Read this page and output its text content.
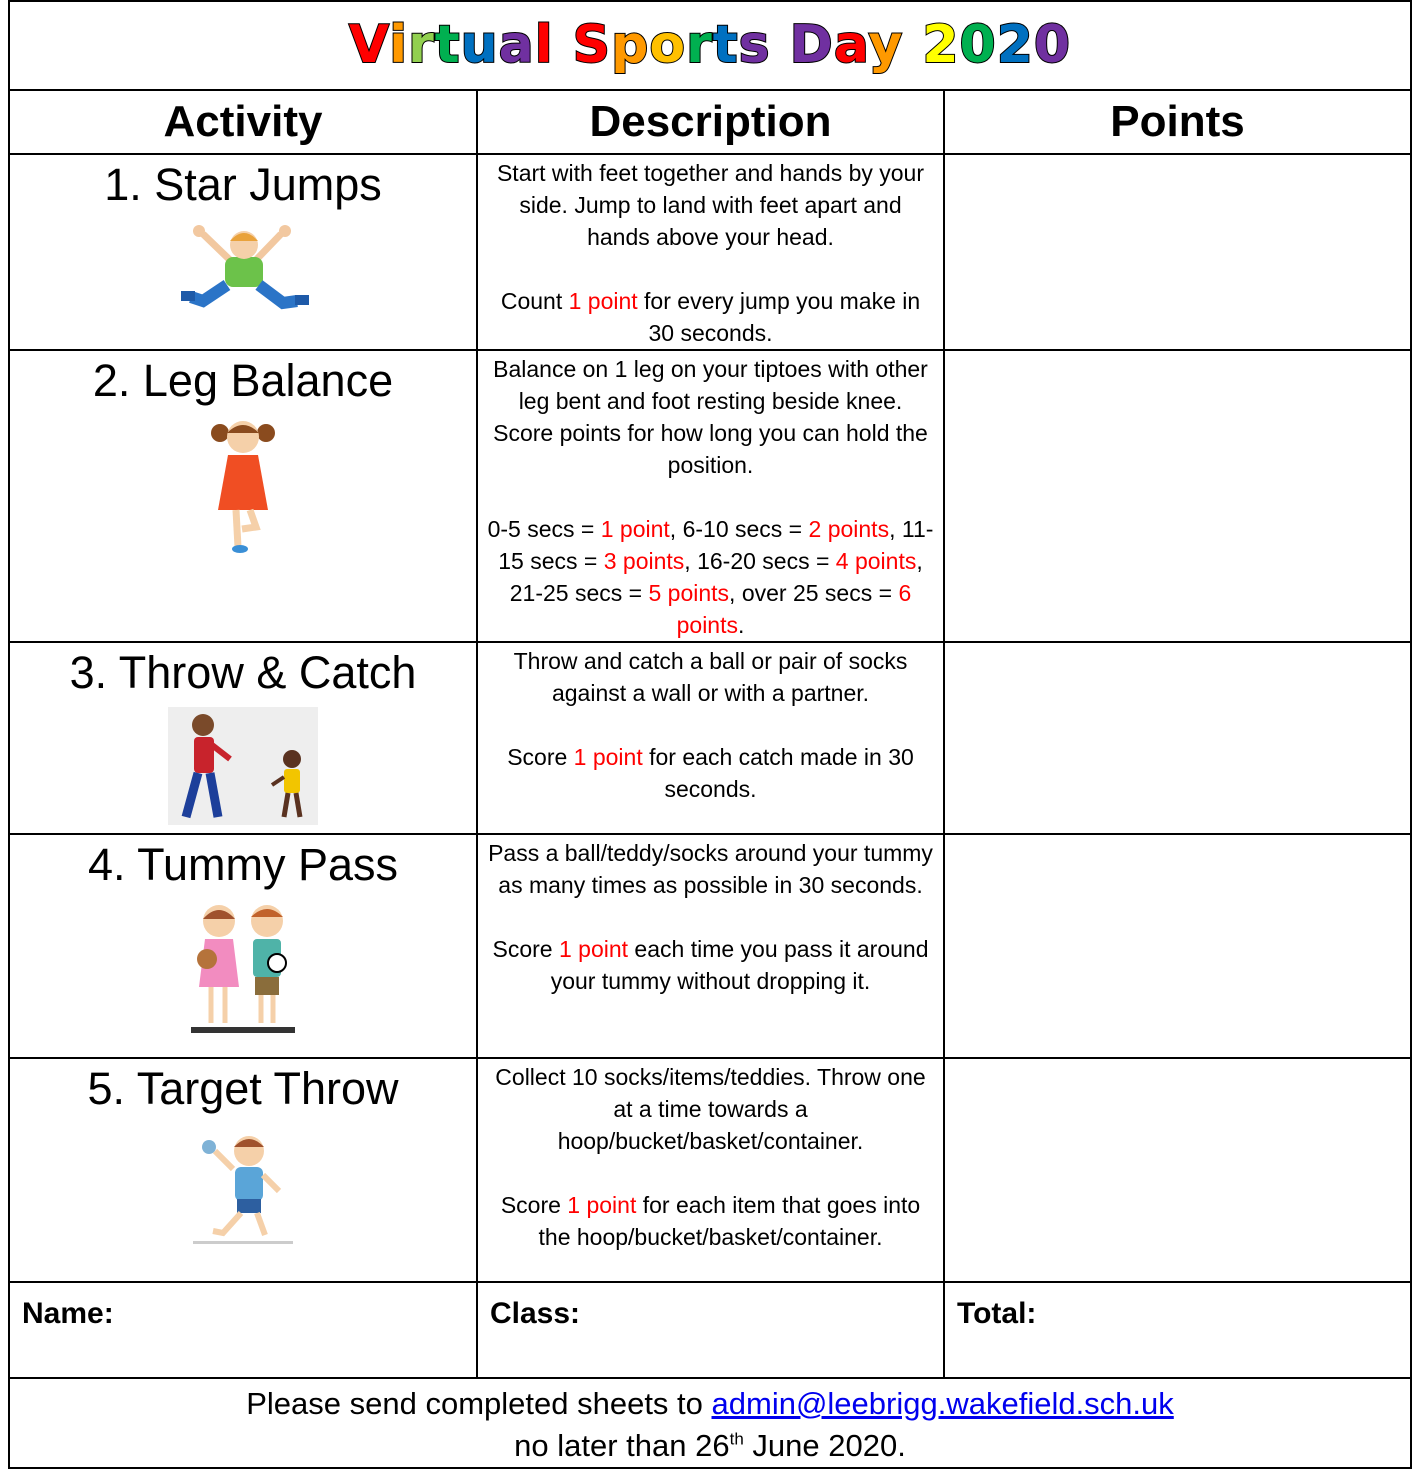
Virtual Sports Day 2020		
Activity	Description	Points

1. Star Jumps	Start with feet together and hands by your side. Jump to land with feet apart and hands above your head.

Count 1 point for every jump you make in 30 seconds.	

2. Leg Balance	Balance on 1 leg on your tiptoes with other leg bent and foot resting beside knee. Score points for how long you can hold the position.

0-5 secs = 1 point, 6-10 secs = 2 points, 11-15 secs = 3 points, 16-20 secs = 4 points, 21-25 secs = 5 points, over 25 secs = 6 points.	

3. Throw & Catch	Throw and catch a ball or pair of socks against a wall or with a partner.

Score 1 point for each catch made in 30 seconds.	

4. Tummy Pass	Pass a ball/teddy/socks around your tummy as many times as possible in 30 seconds.

Score 1 point each time you pass it around your tummy without dropping it.	

5. Target Throw	Collect 10 socks/items/teddies. Throw one at a time towards a hoop/bucket/basket/container.

Score 1 point for each item that goes into the hoop/bucket/basket/container.	

Name:	Class:	Total:

Please send completed sheets to admin@leebrigg.wakefield.sch.uk
no later than 26th June 2020.		
